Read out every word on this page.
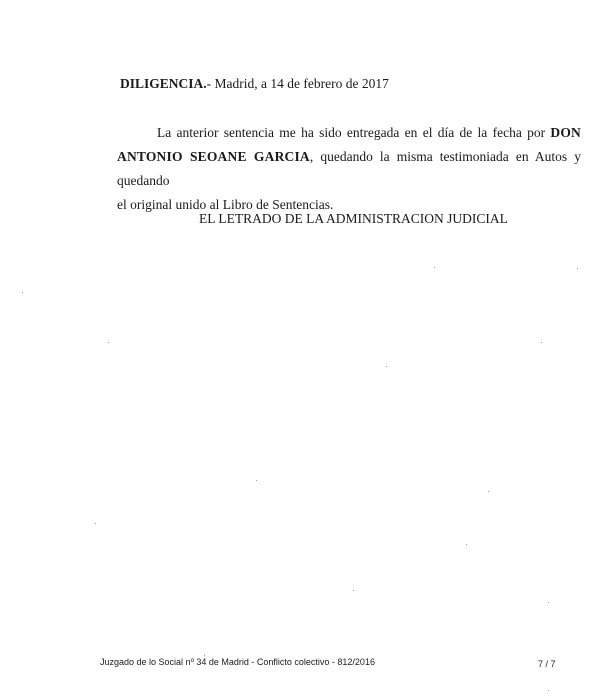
DILIGENCIA.- Madrid, a 14 de febrero de 2017
La anterior sentencia me ha sido entregada en el día de la fecha por DON
ANTONIO SEOANE GARCIA, quedando la misma testimoniada en Autos y quedando
el original unido al Libro de Sentencias.
EL LETRADO DE LA ADMINISTRACION JUDICIAL
Juzgado de lo Social nº 34 de Madrid - Conflicto colectivo - 812/2016	7 / 7
